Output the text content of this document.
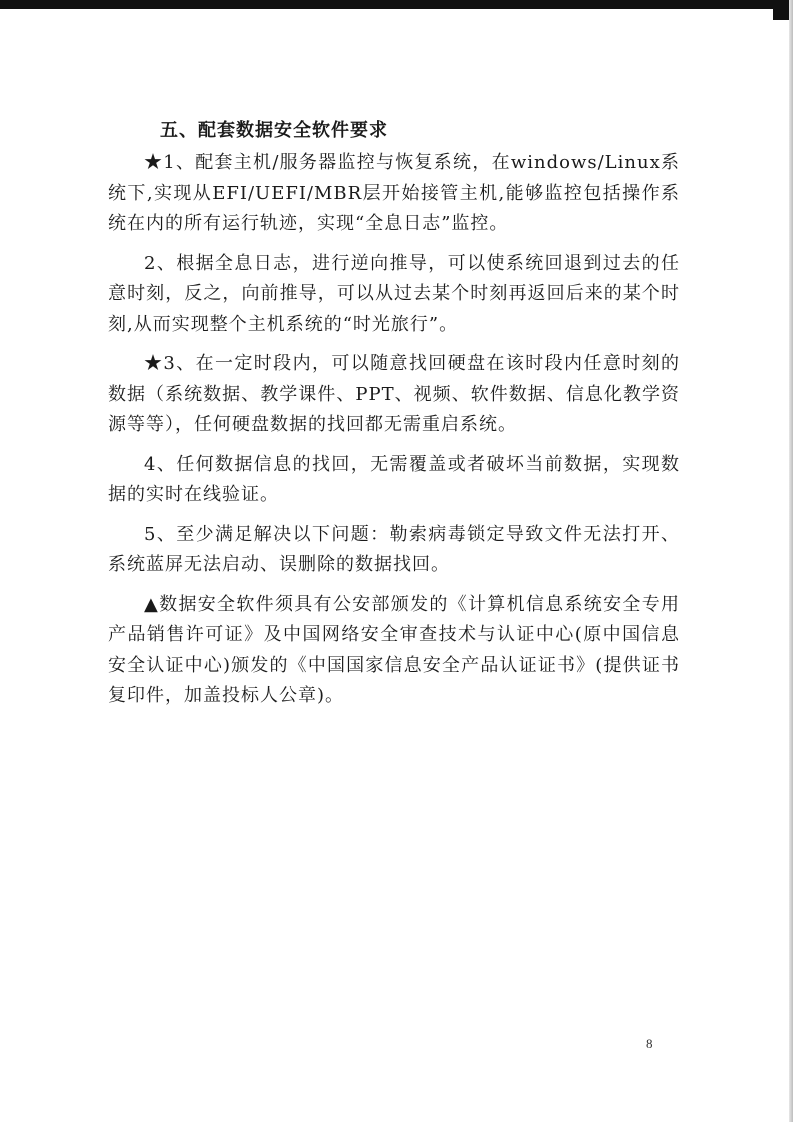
五、配套数据安全软件要求

★1、配套主机/服务器监控与恢复系统，在windows/Linux系统下,实现从EFI/UEFI/MBR层开始接管主机,能够监控包括操作系统在内的所有运行轨迹，实现“全息日志”监控。

2、根据全息日志，进行逆向推导，可以使系统回退到过去的任意时刻，反之，向前推导，可以从过去某个时刻再返回后来的某个时刻,从而实现整个主机系统的“时光旅行”。

★3、在一定时段内，可以随意找回硬盘在该时段内任意时刻的数据（系统数据、教学课件、PPT、视频、软件数据、信息化教学资源等等），任何硬盘数据的找回都无需重启系统。

4、任何数据信息的找回，无需覆盖或者破坏当前数据，实现数据的实时在线验证。

5、至少满足解决以下问题：勒索病毒锁定导致文件无法打开、系统蓝屏无法启动、误删除的数据找回。

▲数据安全软件须具有公安部颁发的《计算机信息系统安全专用产品销售许可证》及中国网络安全审查技术与认证中心(原中国信息安全认证中心)颁发的《中国国家信息安全产品认证证书》(提供证书复印件，加盖投标人公章)。

8
